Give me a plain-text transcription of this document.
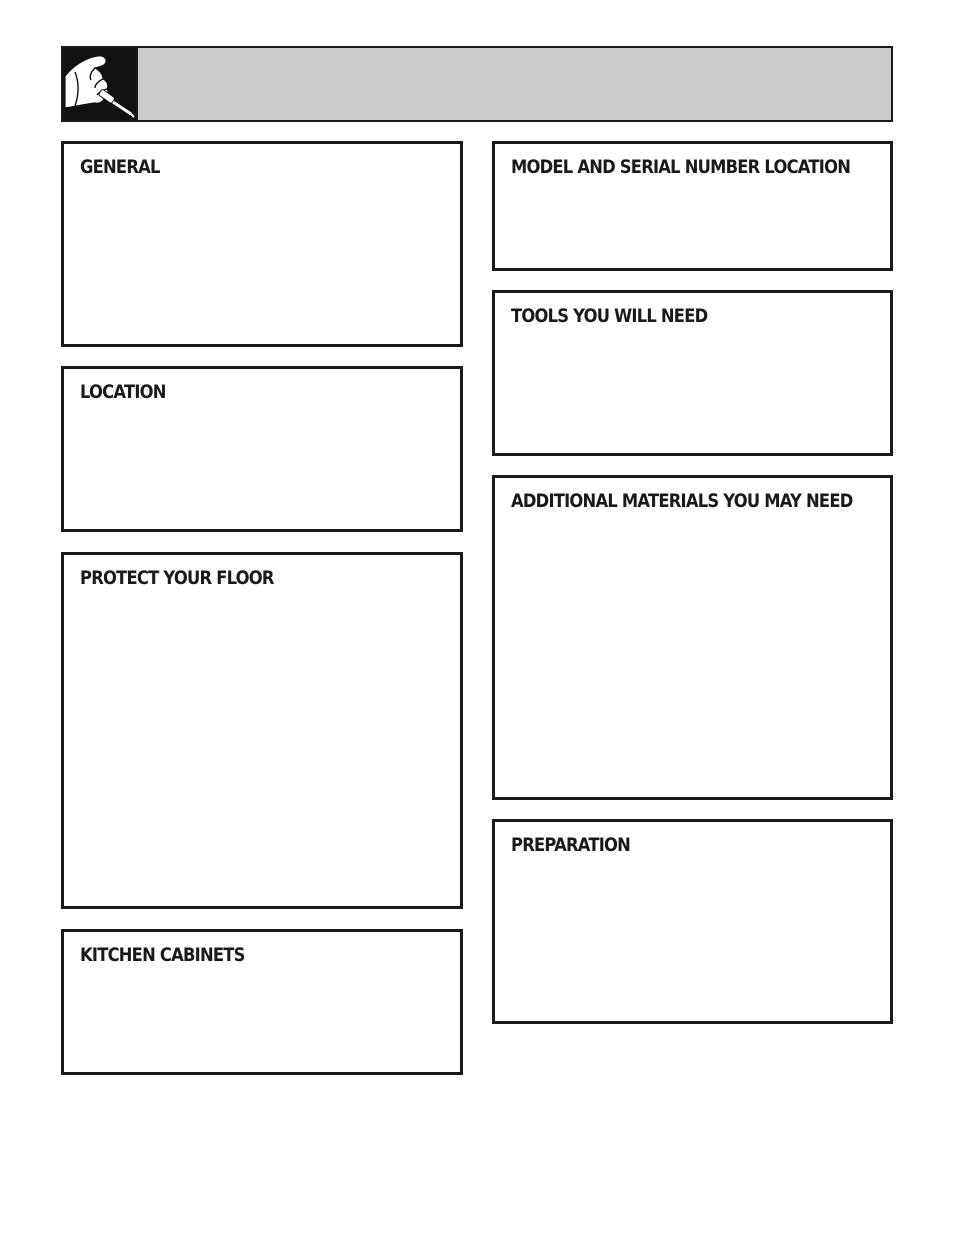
GENERAL
LOCATION
PROTECT YOUR FLOOR
KITCHEN CABINETS
MODEL AND SERIAL NUMBER LOCATION
TOOLS YOU WILL NEED
ADDITIONAL MATERIALS YOU MAY NEED
PREPARATION
